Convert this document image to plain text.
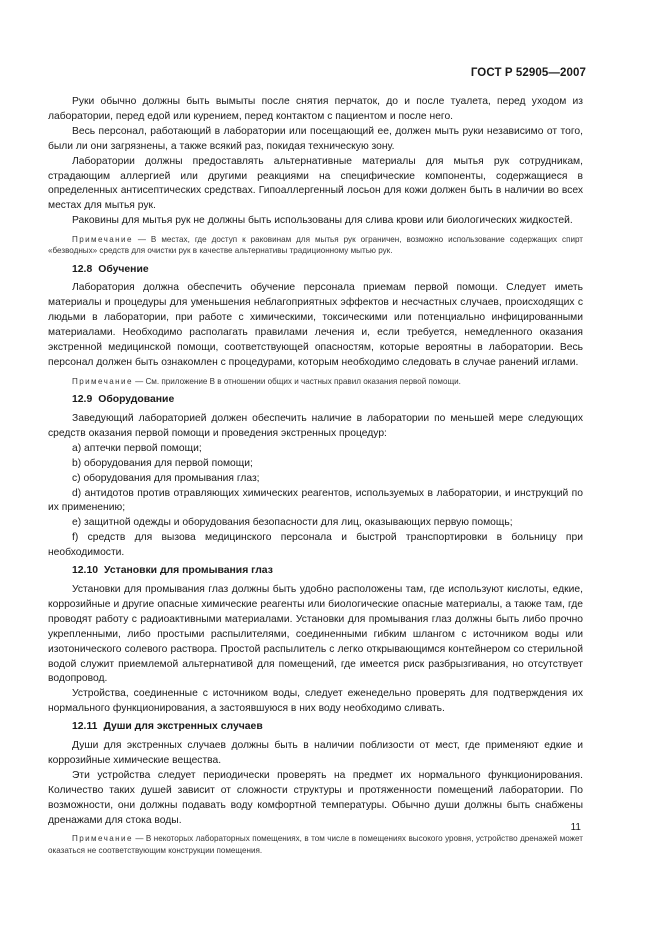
ГОСТ Р 52905—2007

Руки обычно должны быть вымыты после снятия перчаток, до и после туалета, перед уходом из лаборатории, перед едой или курением, перед контактом с пациентом и после него.

Весь персонал, работающий в лаборатории или посещающий ее, должен мыть руки независимо от того, были ли они загрязнены, а также всякий раз, покидая техническую зону.

Лаборатории должны предоставлять альтернативные материалы для мытья рук сотрудникам, страдающим аллергией или другими реакциями на специфические компоненты, содержащиеся в определенных антисептических средствах. Гипоаллергенный лосьон для кожи должен быть в наличии во всех местах для мытья рук.

Раковины для мытья рук не должны быть использованы для слива крови или биологических жидкостей.

Примечание — В местах, где доступ к раковинам для мытья рук ограничен, возможно использование содержащих спирт «безводных» средств для очистки рук в качестве альтернативы традиционному мытью рук.

12.8 Обучение

Лаборатория должна обеспечить обучение персонала приемам первой помощи. Следует иметь материалы и процедуры для уменьшения неблагоприятных эффектов и несчастных случаев, происходящих с людьми в лаборатории, при работе с химическими, токсическими или потенциально инфицированными материалами. Необходимо располагать правилами лечения и, если требуется, немедленного оказания экстренной медицинской помощи, соответствующей опасностям, которые вероятны в лаборатории. Весь персонал должен быть ознакомлен с процедурами, которым необходимо следовать в случае ранений иглами.

Примечание — См. приложение В в отношении общих и частных правил оказания первой помощи.

12.9 Оборудование

Заведующий лабораторией должен обеспечить наличие в лаборатории по меньшей мере следующих средств оказания первой помощи и проведения экстренных процедур:

a) аптечки первой помощи;

b) оборудования для первой помощи;

c) оборудования для промывания глаз;

d) антидотов против отравляющих химических реагентов, используемых в лаборатории, и инструкций по их применению;

e) защитной одежды и оборудования безопасности для лиц, оказывающих первую помощь;

f) средств для вызова медицинского персонала и быстрой транспортировки в больницу при необходимости.

12.10 Установки для промывания глаз

Установки для промывания глаз должны быть удобно расположены там, где используют кислоты, едкие, коррозийные и другие опасные химические реагенты или биологические опасные материалы, а также там, где проводят работу с радиоактивными материалами. Установки для промывания глаз должны быть либо прочно укрепленными, либо простыми распылителями, соединенными гибким шлангом с источником воды или изотонического солевого раствора. Простой распылитель с легко открывающимся контейнером со стерильной водой служит приемлемой альтернативой для помещений, где имеется риск разбрызгивания, но отсутствует водопровод.

Устройства, соединенные с источником воды, следует еженедельно проверять для подтверждения их нормального функционирования, а застоявшуюся в них воду необходимо сливать.

12.11 Души для экстренных случаев

Души для экстренных случаев должны быть в наличии поблизости от мест, где применяют едкие и коррозийные химические вещества.

Эти устройства следует периодически проверять на предмет их нормального функционирования. Количество таких душей зависит от сложности структуры и протяженности помещений лаборатории. По возможности, они должны подавать воду комфортной температуры. Обычно души должны быть снабжены дренажами для стока воды.

Примечание — В некоторых лабораторных помещениях, в том числе в помещениях высокого уровня, устройство дренажей может оказаться не соответствующим конструкции помещения.

11
